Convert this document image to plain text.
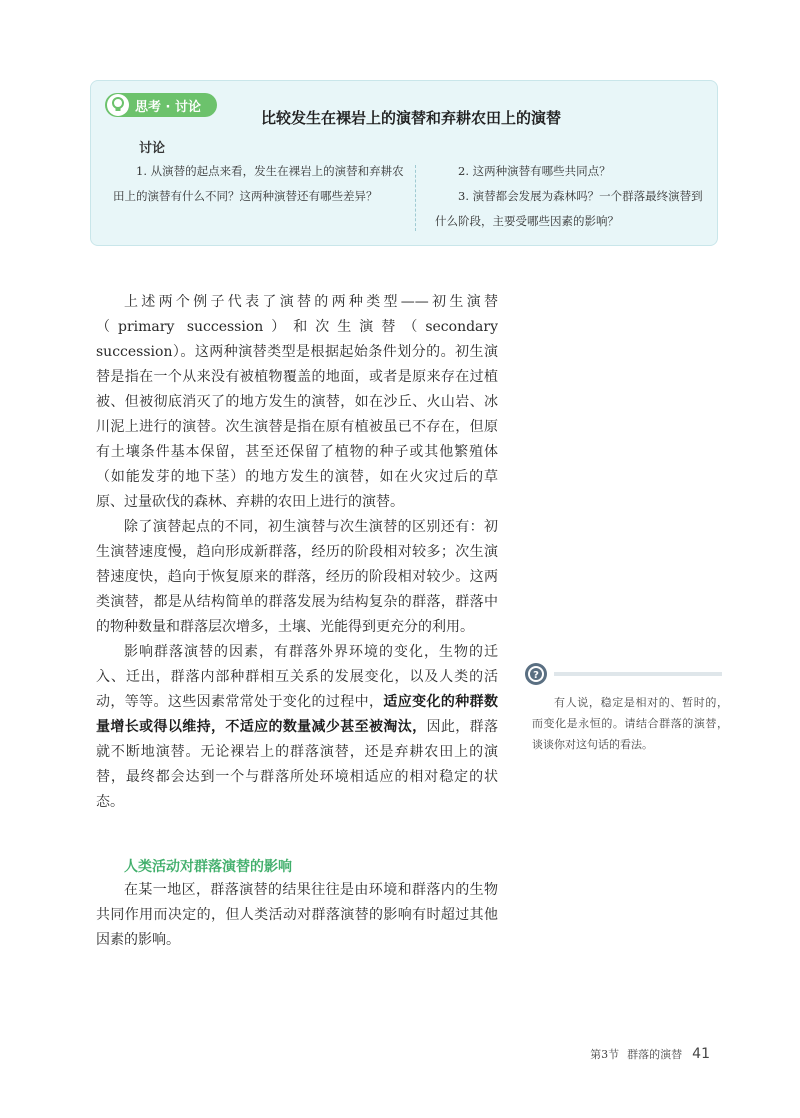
思考 · 讨论
比较发生在裸岩上的演替和弃耕农田上的演替
讨论

1. 从演替的起点来看，发生在裸岩上的演替和弃耕农田上的演替有什么不同？这两种演替还有哪些差异？

2. 这两种演替有哪些共同点？

3. 演替都会发展为森林吗？一个群落最终演替到什么阶段，主要受哪些因素的影响？

上述两个例子代表了演替的两种类型——初生演替（primary succession）和次生演替（secondary succession）。这两种演替类型是根据起始条件划分的。初生演替是指在一个从来没有被植物覆盖的地面，或者是原来存在过植被、但被彻底消灭了的地方发生的演替，如在沙丘、火山岩、冰川泥上进行的演替。次生演替是指在原有植被虽已不存在，但原有土壤条件基本保留，甚至还保留了植物的种子或其他繁殖体（如能发芽的地下茎）的地方发生的演替，如在火灾过后的草原、过量砍伐的森林、弃耕的农田上进行的演替。

除了演替起点的不同，初生演替与次生演替的区别还有：初生演替速度慢，趋向形成新群落，经历的阶段相对较多；次生演替速度快，趋向于恢复原来的群落，经历的阶段相对较少。这两类演替，都是从结构简单的群落发展为结构复杂的群落，群落中的物种数量和群落层次增多，土壤、光能得到更充分的利用。

影响群落演替的因素，有群落外界环境的变化，生物的迁入、迁出，群落内部种群相互关系的发展变化，以及人类的活动，等等。这些因素常常处于变化的过程中，适应变化的种群数量增长或得以维持，不适应的数量减少甚至被淘汰，因此，群落就不断地演替。无论裸岩上的群落演替，还是弃耕农田上的演替，最终都会达到一个与群落所处环境相适应的相对稳定的状态。

人类活动对群落演替的影响

在某一地区，群落演替的结果往往是由环境和群落内的生物共同作用而决定的，但人类活动对群落演替的影响有时超过其他因素的影响。

?

有人说，稳定是相对的、暂时的，而变化是永恒的。请结合群落的演替，谈谈你对这句话的看法。

第3节 群落的演替 41
